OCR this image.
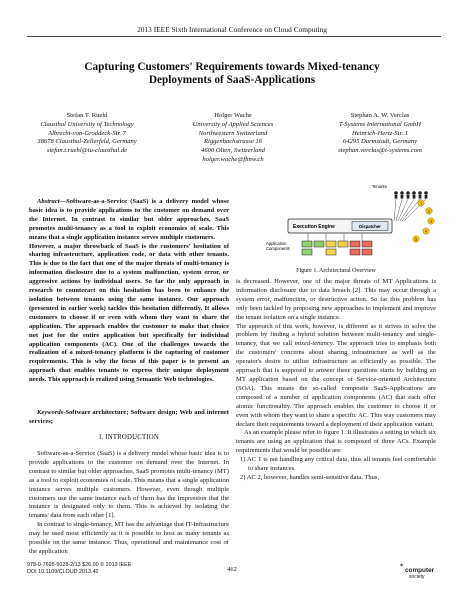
2013 IEEE Sixth International Conference on Cloud Computing
Capturing Customers' Requirements towards Mixed-tenancy
Deployments of SaaS-Applications
Stefan T. Ruehl
Clausthal University of Technology
Albrecht-von-Groddeck-Str. 7
38678 Clausthal-Zellerfeld, Germany
stefan.t.ruehl@tu-clausthal.de
Holger Wache
University of Applied Sciences
Northwestern Switzerland
Riggenbachstrasse 16
4600 Olten, Switzerland
holger.wache@fhnw.ch
Stephan A. W. Verclas
T-Systems International GmbH
Heinrich-Hertz-Str. 1
64295 Darmstadt, Germany
stephan.verclas@t-systems.com

Abstract—Software-as-a-Service (SaaS) is a delivery model whose basic idea is to provide applications to the customer on demand over the Internet. In contrast to similar but older approaches, SaaS promotes multi-tenancy as a tool to exploit economies of scale. This means that a single application instance serves multiple customers.

However, a major throwback of SaaS is the customers' hesitation of sharing infrastructure, application code, or data with other tenants. This is due to the fact that one of the major threats of multi-tenancy is information disclosure due to a system malfunction, system error, or aggressive actions by individual users. So far the only approach in research to counteract on this hesitation has been to enhance the isolation between tenants using the same instance. Our approach (presented in earlier work) tackles this hesitation differently. It allows customers to choose if or even with whom they want to share the application. The approach enables the customer to make that choice not just for the entire application but specifically for individual application components (AC). One of the challenges towards the realization of a mixed-tenancy platform is the capturing of customer requirements. This is why the focus of this paper is to present an approach that enables tenants to express their unique deployment needs. This approach is realized using Semantic Web technologies.

Keywords-Software architecture; Software design; Web and internet services;

I. INTRODUCTION

Software-as-a-Service (SaaS) is a delivery model whose basic idea is to provide applications to the customer on demand over the Internet. In contrast to similar but older approaches, SaaS promotes multi-tenancy (MT) as a tool to exploit economies of scale. This means that a single application instance serves multiple customers. However, even though multiple customers use the same instance each of them has the impression that the instance is designated only to them. This is achieved by isolating the tenants' data from each other [1].

In contrast to single-tenancy, MT has the advantage that IT-Infrastructure may be used most efficiently as it is possible to host as many tenants as possible on the same instance. Thus, operational and maintenance cost of the application

Tenants
1
2
3
4
5
Execution Engine	Dispatcher
Application
Components
Figure 1. Architectural Overview

is decreased. However, one of the major threats of MT Applications is information disclosure due to data breach [2]. This may occur through a system error, malfunction, or destructive action. So far this problem has only been tackled by proposing new approaches to implement and improve the tenant isolation on a single instance.

The approach of this work, however, is different as it strives to solve the problem by finding a hybrid solution between multi-tenancy and single-tenancy, that we call mixed-tenancy. The approach tries to emphasis both the customers' concerns about sharing infrastructure as well as the operator's desire to utilize infrastructure as efficiently as possible. The approach that is supposed to answer these questions starts by building an MT application based on the concept of Service-oriented Architecture (SOA). This means the so-called composite SaaS-Applications are composed of a number of application components (AC) that each offer atomic functionality. The approach enables the customer to choose if or even with whom they want to share a specific AC. This way customers may declare their requirements toward a deployment of their application variant.

As an example please refer to figure 1. It illustrates a setting in which six tenants are using an application that is composed of three ACs. Example requirements that would be possible are:

1) AC 1 is not handling any critical data, thus all tenants feel comfortable to share instances.

2) AC 2, however, handles semi-sensitive data. Thus,

978-0-7695-5028-2/13 $26.00 © 2013 IEEE
DOI 10.1109/CLOUD.2013.42	462
◆
computer
society
